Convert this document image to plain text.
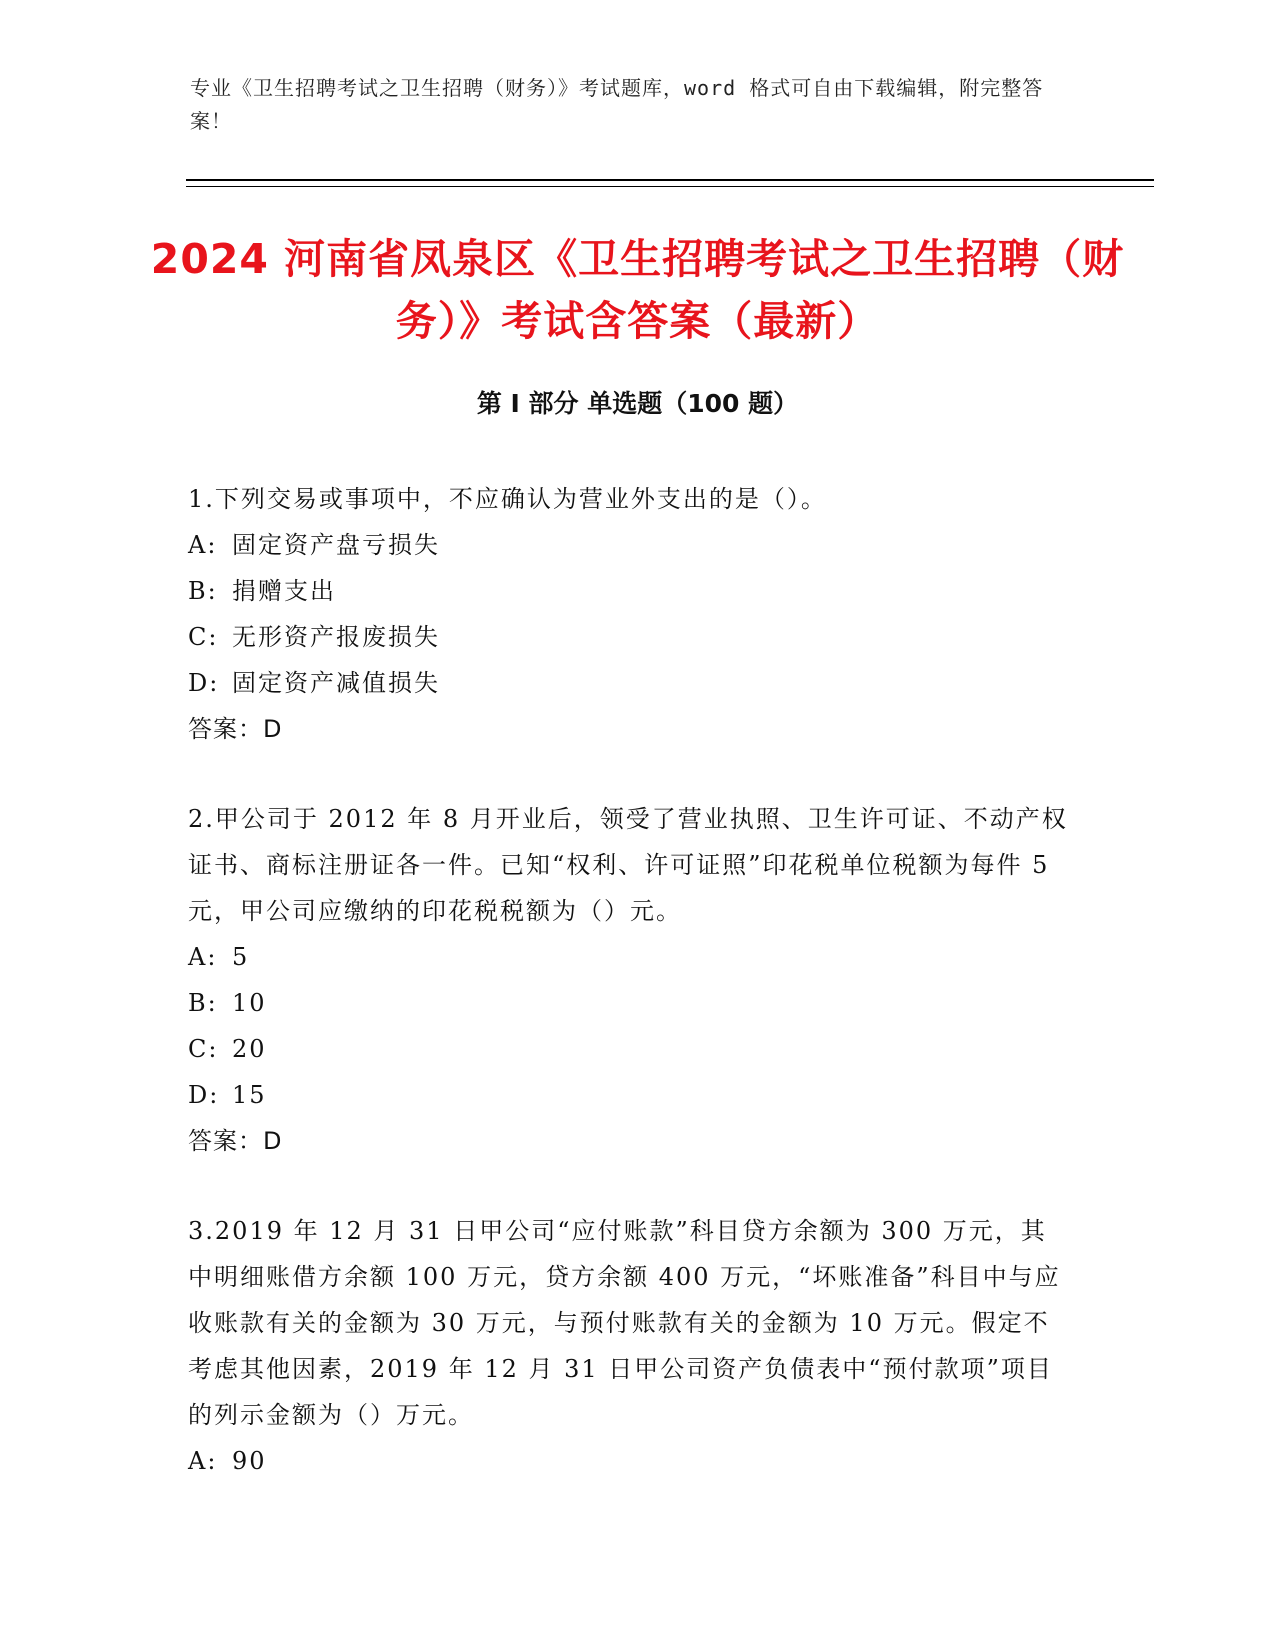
专业《卫生招聘考试之卫生招聘（财务）》考试题库，word 格式可自由下载编辑，附完整答案！
2024 河南省凤泉区《卫生招聘考试之卫生招聘（财务）》考试含答案（最新）
第 I 部分 单选题（100 题）

1.下列交易或事项中，不应确认为营业外支出的是（）。

A: 固定资产盘亏损失

B: 捐赠支出

C: 无形资产报废损失

D: 固定资产减值损失

答案：D

2.甲公司于 2012 年 8 月开业后，领受了营业执照、卫生许可证、不动产权证书、商标注册证各一件。已知“权利、许可证照”印花税单位税额为每件 5 元，甲公司应缴纳的印花税税额为（）元。

A: 5

B: 10

C: 20

D: 15

答案：D

3.2019 年 12 月 31 日甲公司“应付账款”科目贷方余额为 300 万元，其中明细账借方余额 100 万元，贷方余额 400 万元，“坏账准备”科目中与应收账款有关的金额为 30 万元，与预付账款有关的金额为 10 万元。假定不考虑其他因素，2019 年 12 月 31 日甲公司资产负债表中“预付款项”项目的列示金额为（）万元。

A: 90
